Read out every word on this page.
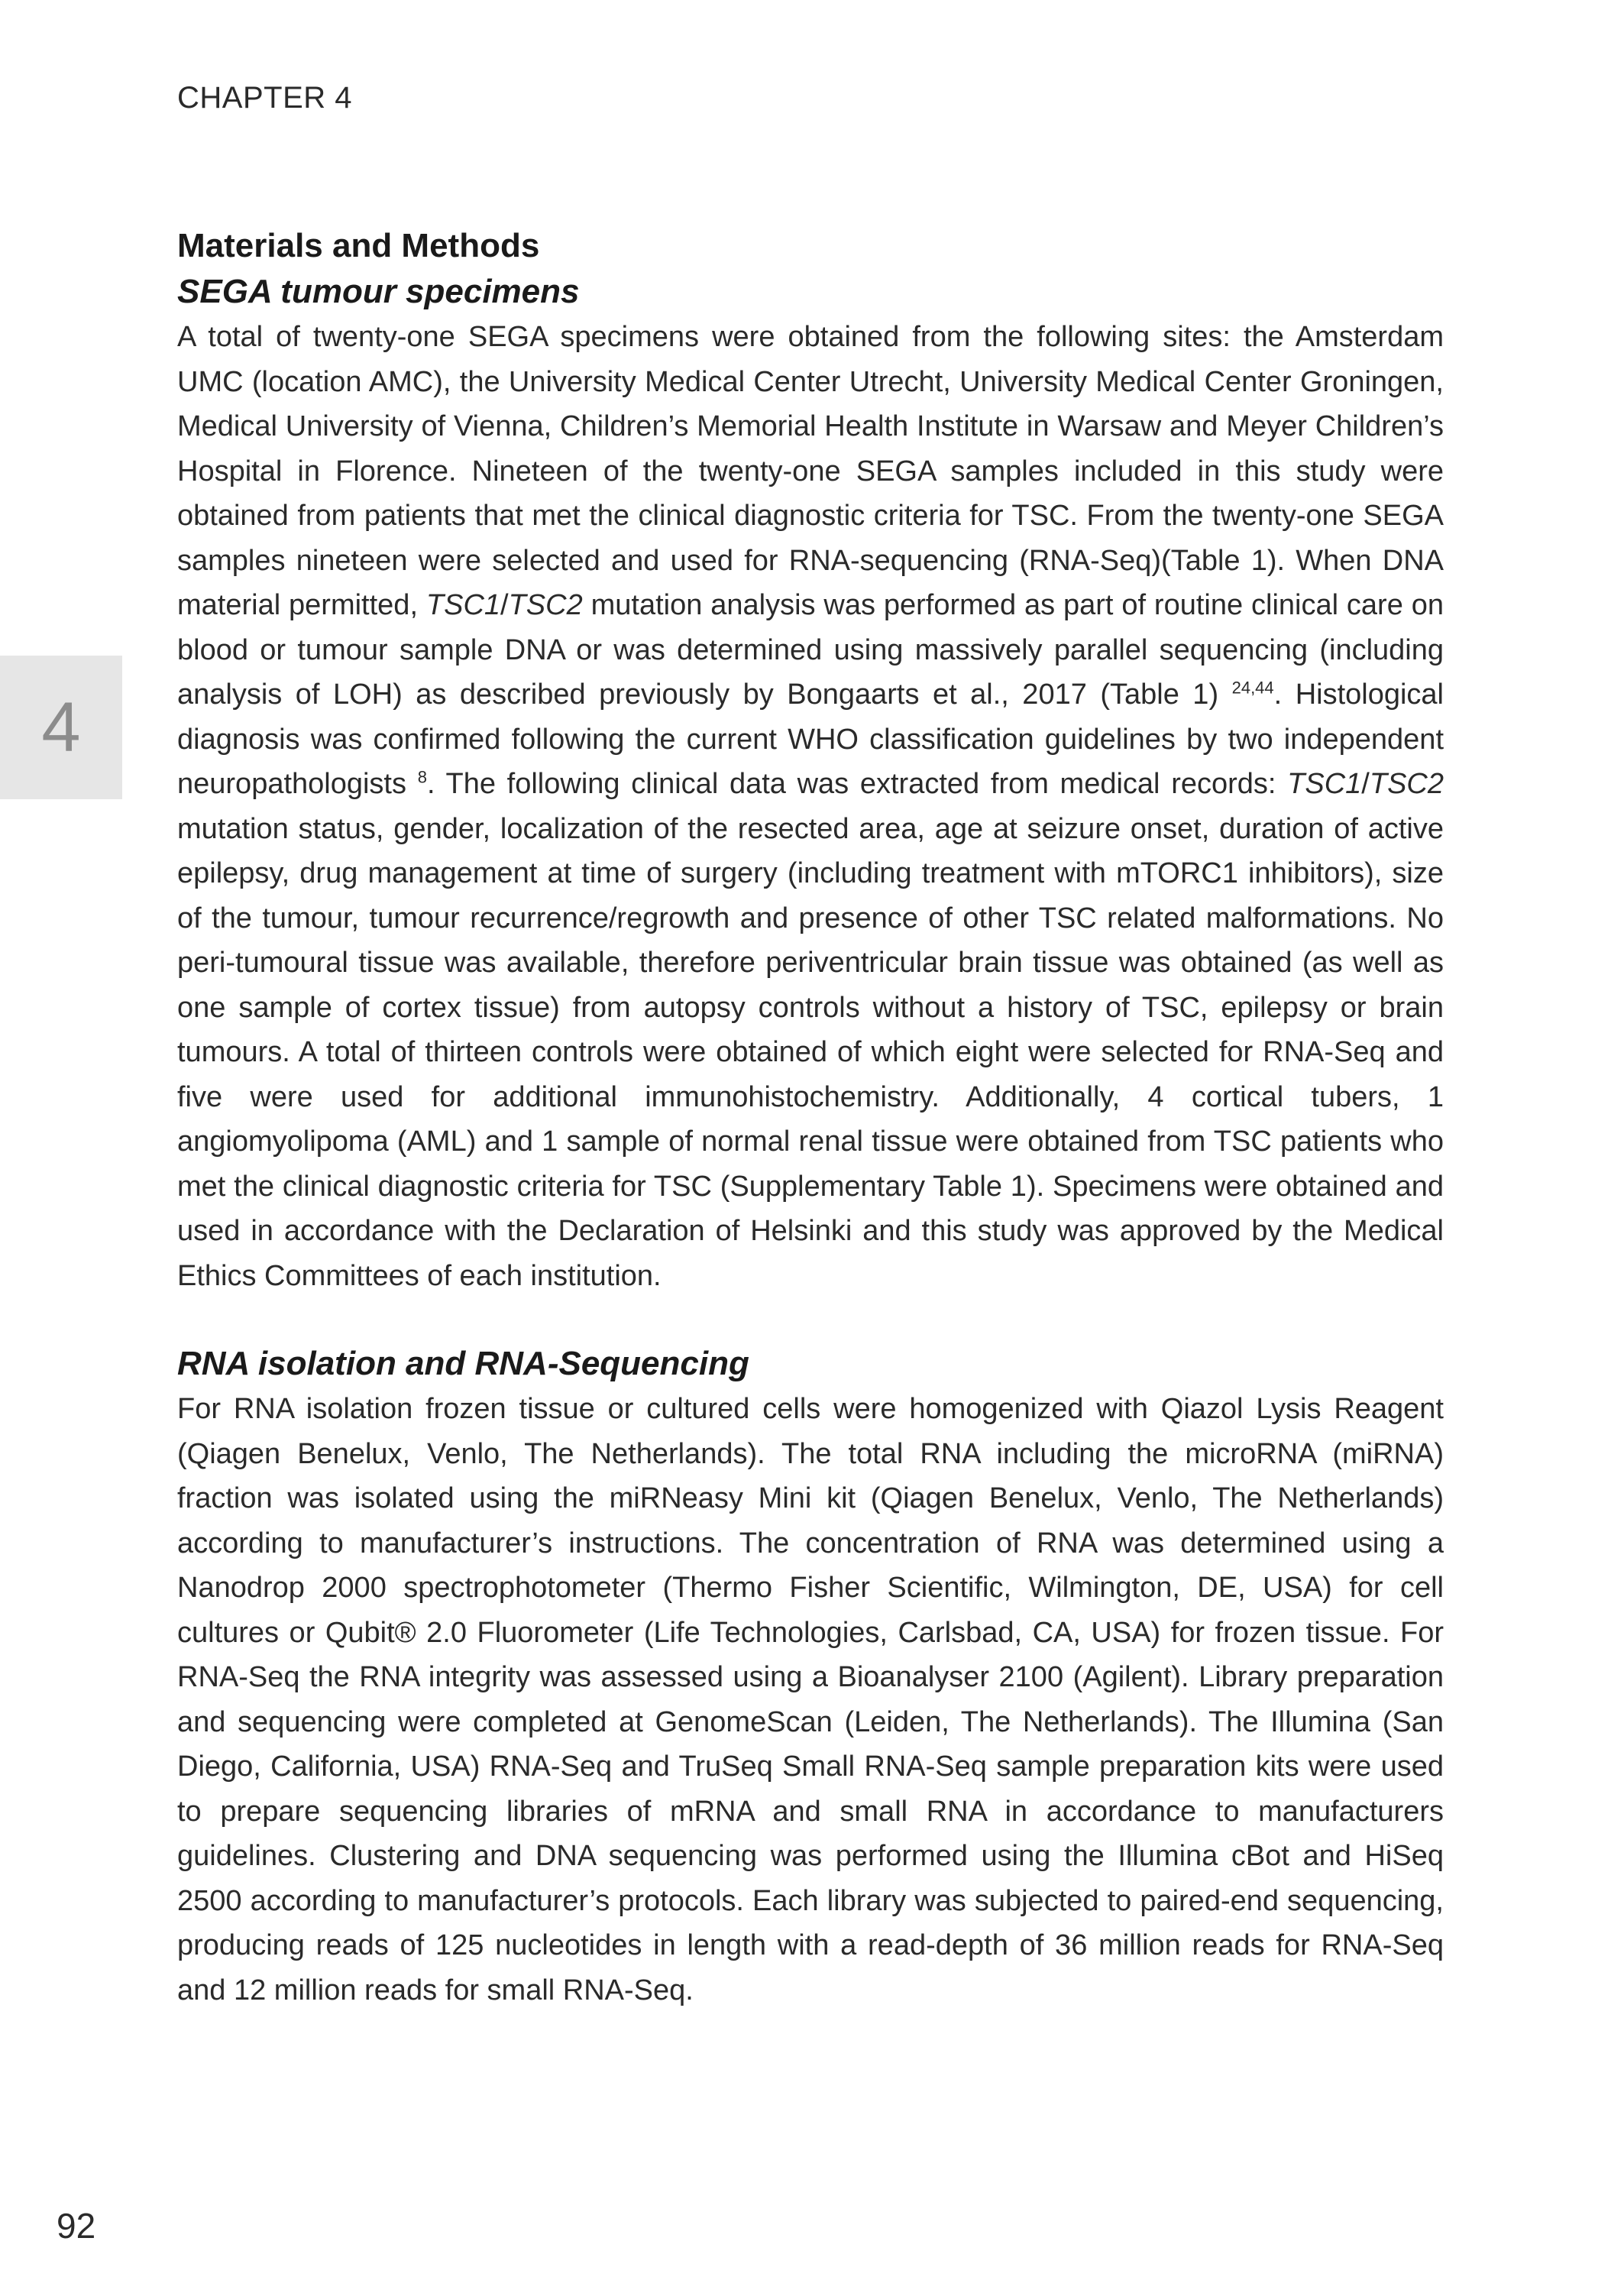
CHAPTER 4
4
Materials and Methods
SEGA tumour specimens

A total of twenty-one SEGA specimens were obtained from the following sites: the Amsterdam UMC (location AMC), the University Medical Center Utrecht, University Medical Center Groningen, Medical University of Vienna, Children’s Memorial Health Institute in Warsaw and Meyer Children’s Hospital in Florence. Nineteen of the twenty-one SEGA samples included in this study were obtained from patients that met the clinical diagnostic criteria for TSC. From the twenty-one SEGA samples nineteen were selected and used for RNA-sequencing (RNA-Seq)(Table 1). When DNA material permitted, TSC1/TSC2 mutation analysis was performed as part of routine clinical care on blood or tumour sample DNA or was determined using massively parallel sequencing (including analysis of LOH) as described previously by Bongaarts et al., 2017 (Table 1) $^{24,44}$. Histological diagnosis was confirmed following the current WHO classification guidelines by two independent neuropathologists $^8$. The following clinical data was extracted from medical records: TSC1/TSC2 mutation status, gender, localization of the resected area, age at seizure onset, duration of active epilepsy, drug management at time of surgery (including treatment with mTORC1 inhibitors), size of the tumour, tumour recurrence/regrowth and presence of other TSC related malformations. No peri-tumoural tissue was available, therefore periventricular brain tissue was obtained (as well as one sample of cortex tissue) from autopsy controls without a history of TSC, epilepsy or brain tumours. A total of thirteen controls were obtained of which eight were selected for RNA-Seq and five were used for additional immunohistochemistry. Additionally, 4 cortical tubers, 1 angiomyolipoma (AML) and 1 sample of normal renal tissue were obtained from TSC patients who met the clinical diagnostic criteria for TSC (Supplementary Table 1). Specimens were obtained and used in accordance with the Declaration of Helsinki and this study was approved by the Medical Ethics Committees of each institution.

RNA isolation and RNA-Sequencing

For RNA isolation frozen tissue or cultured cells were homogenized with Qiazol Lysis Reagent (Qiagen Benelux, Venlo, The Netherlands). The total RNA including the microRNA (miRNA) fraction was isolated using the miRNeasy Mini kit (Qiagen Benelux, Venlo, The Netherlands) according to manufacturer’s instructions. The concentration of RNA was determined using a Nanodrop 2000 spectrophotometer (Thermo Fisher Scientific, Wilmington, DE, USA) for cell cultures or Qubit® 2.0 Fluorometer (Life Technologies, Carlsbad, CA, USA) for frozen tissue. For RNA-Seq the RNA integrity was assessed using a Bioanalyser 2100 (Agilent). Library preparation and sequencing were completed at GenomeScan (Leiden, The Netherlands). The Illumina (San Diego, California, USA) RNA-Seq and TruSeq Small RNA-Seq sample preparation kits were used to prepare sequencing libraries of mRNA and small RNA in accordance to manufacturers guidelines. Clustering and DNA sequencing was performed using the Illumina cBot and HiSeq 2500 according to manufacturer’s protocols. Each library was subjected to paired-end sequencing, producing reads of 125 nucleotides in length with a read-depth of 36 million reads for RNA-Seq and 12 million reads for small RNA-Seq.

92
